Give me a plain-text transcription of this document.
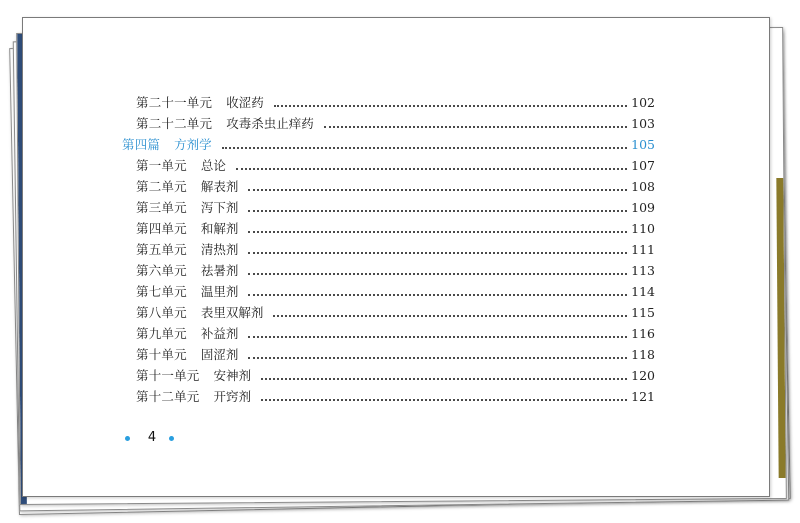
第二十一单元 收涩药	102
第二十二单元 攻毒杀虫止痒药	103
第四篇 方剂学	105
第一单元 总论	107
第二单元 解表剂	108
第三单元 泻下剂	109
第四单元 和解剂	110
第五单元 清热剂	111
第六单元 祛暑剂	113
第七单元 温里剂	114
第八单元 表里双解剂	115
第九单元 补益剂	116
第十单元 固涩剂	118
第十一单元 安神剂	120
第十二单元 开窍剂	121
4
